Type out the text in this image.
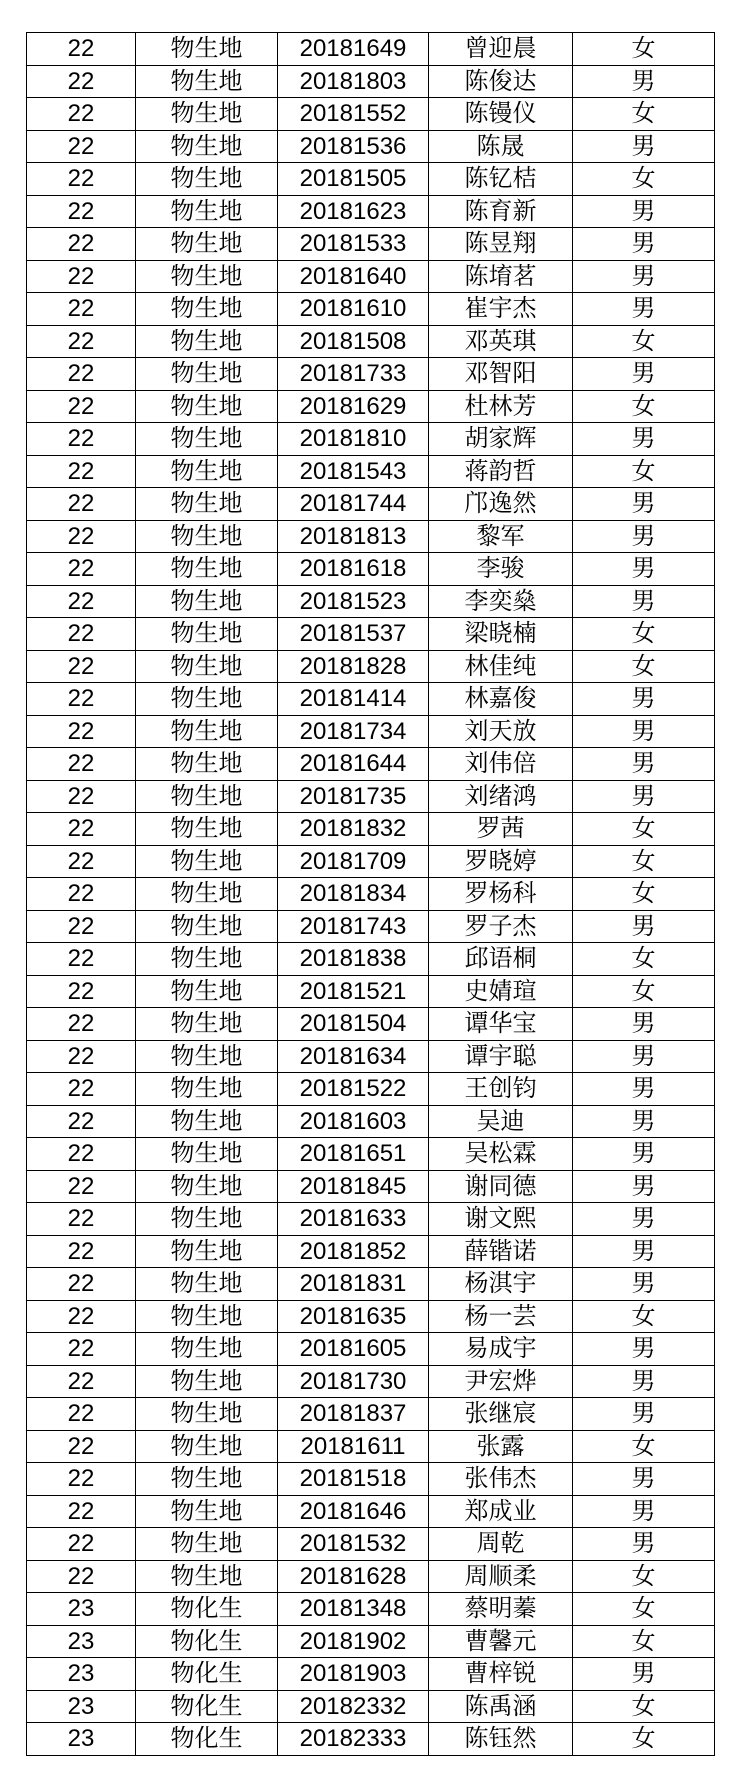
22	物生地	20181649	曾迎晨	女
22	物生地	20181803	陈俊达	男
22	物生地	20181552	陈镘仪	女
22	物生地	20181536	陈晟	男
22	物生地	20181505	陈钇桔	女
22	物生地	20181623	陈育新	男
22	物生地	20181533	陈昱翔	男
22	物生地	20181640	陈堉茗	男
22	物生地	20181610	崔宇杰	男
22	物生地	20181508	邓英琪	女
22	物生地	20181733	邓智阳	男
22	物生地	20181629	杜林芳	女
22	物生地	20181810	胡家辉	男
22	物生地	20181543	蒋韵哲	女
22	物生地	20181744	邝逸然	男
22	物生地	20181813	黎军	男
22	物生地	20181618	李骏	男
22	物生地	20181523	李奕燊	男
22	物生地	20181537	梁晓楠	女
22	物生地	20181828	林佳纯	女
22	物生地	20181414	林嘉俊	男
22	物生地	20181734	刘天放	男
22	物生地	20181644	刘伟倍	男
22	物生地	20181735	刘绪鸿	男
22	物生地	20181832	罗茜	女
22	物生地	20181709	罗晓婷	女
22	物生地	20181834	罗杨科	女
22	物生地	20181743	罗子杰	男
22	物生地	20181838	邱语桐	女
22	物生地	20181521	史婧瑄	女
22	物生地	20181504	谭华宝	男
22	物生地	20181634	谭宇聪	男
22	物生地	20181522	王创钧	男
22	物生地	20181603	吴迪	男
22	物生地	20181651	吴松霖	男
22	物生地	20181845	谢同德	男
22	物生地	20181633	谢文熙	男
22	物生地	20181852	薛锴诺	男
22	物生地	20181831	杨淇宇	男
22	物生地	20181635	杨一芸	女
22	物生地	20181605	易成宇	男
22	物生地	20181730	尹宏烨	男
22	物生地	20181837	张继宸	男
22	物生地	20181611	张露	女
22	物生地	20181518	张伟杰	男
22	物生地	20181646	郑成业	男
22	物生地	20181532	周乾	男
22	物生地	20181628	周顺柔	女
23	物化生	20181348	蔡明蓁	女
23	物化生	20181902	曹馨元	女
23	物化生	20181903	曹梓锐	男
23	物化生	20182332	陈禹涵	女
23	物化生	20182333	陈钰然	女
